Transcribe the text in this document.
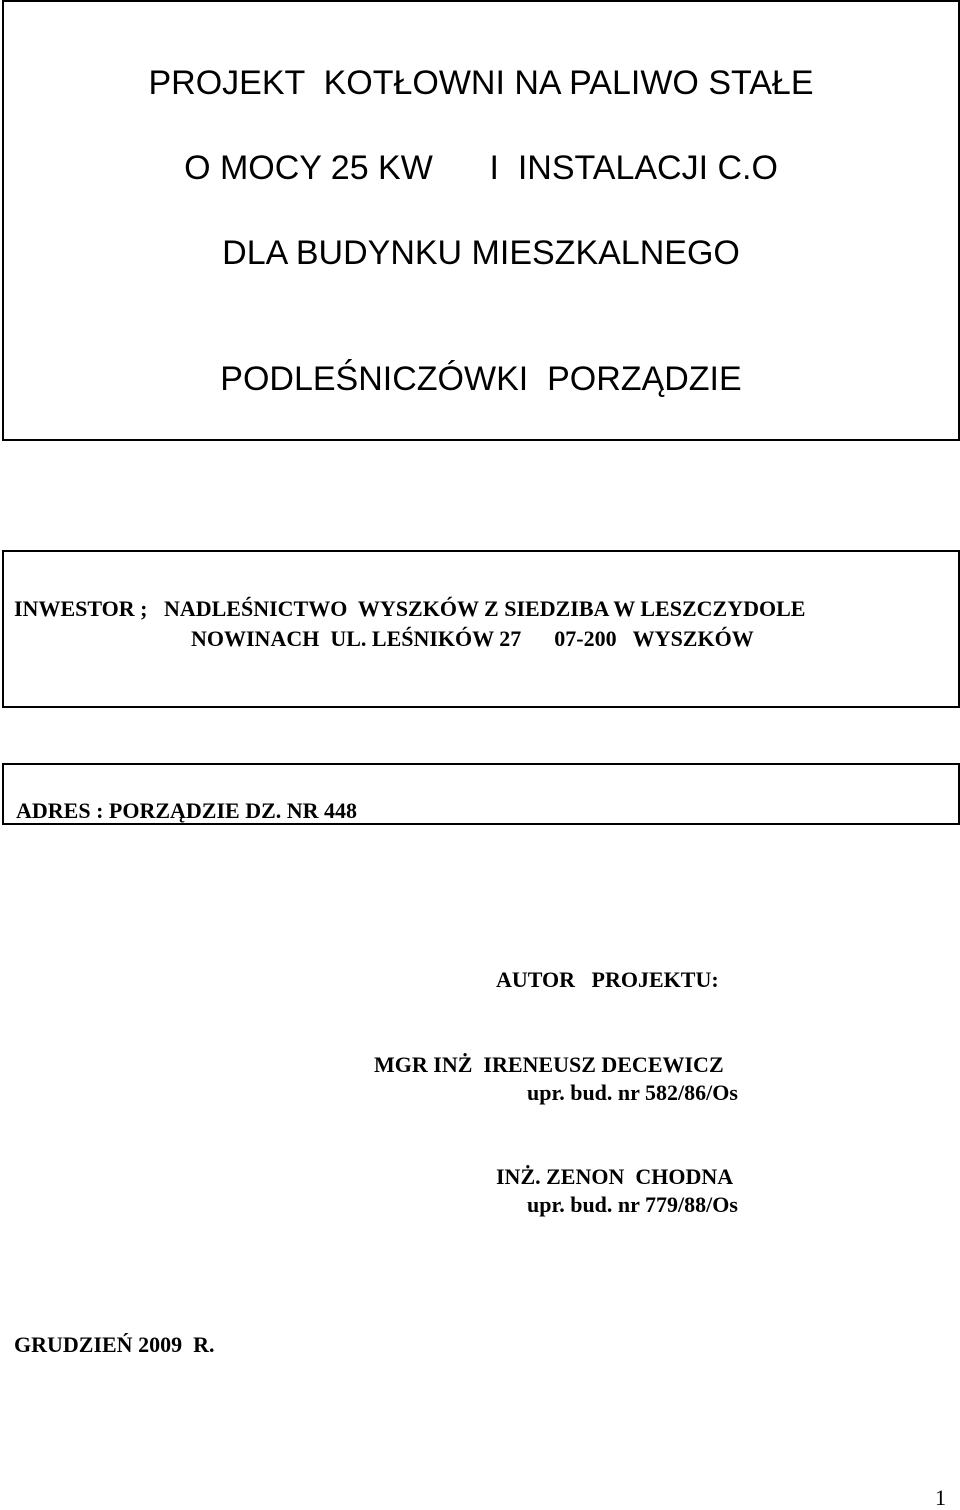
PROJEKT  KOTŁOWNI NA PALIWO STAŁE
O MOCY 25 KW      I  INSTALACJI C.O
DLA BUDYNKU MIESZKALNEGO
PODLEŚNICZÓWKI  PORZĄDZIE
INWESTOR ;   NADLEŚNICTWO  WYSZKÓW Z SIEDZIBA W LESZCZYDOLE
NOWINACH  UL. LEŚNIKÓW 27      07-200   WYSZKÓW
ADRES : PORZĄDZIE DZ. NR 448
AUTOR   PROJEKTU:
MGR INŻ  IRENEUSZ DECEWICZ
upr. bud. nr 582/86/Os
INŻ. ZENON  CHODNA
upr. bud. nr 779/88/Os
GRUDZIEŃ 2009  R.
1
